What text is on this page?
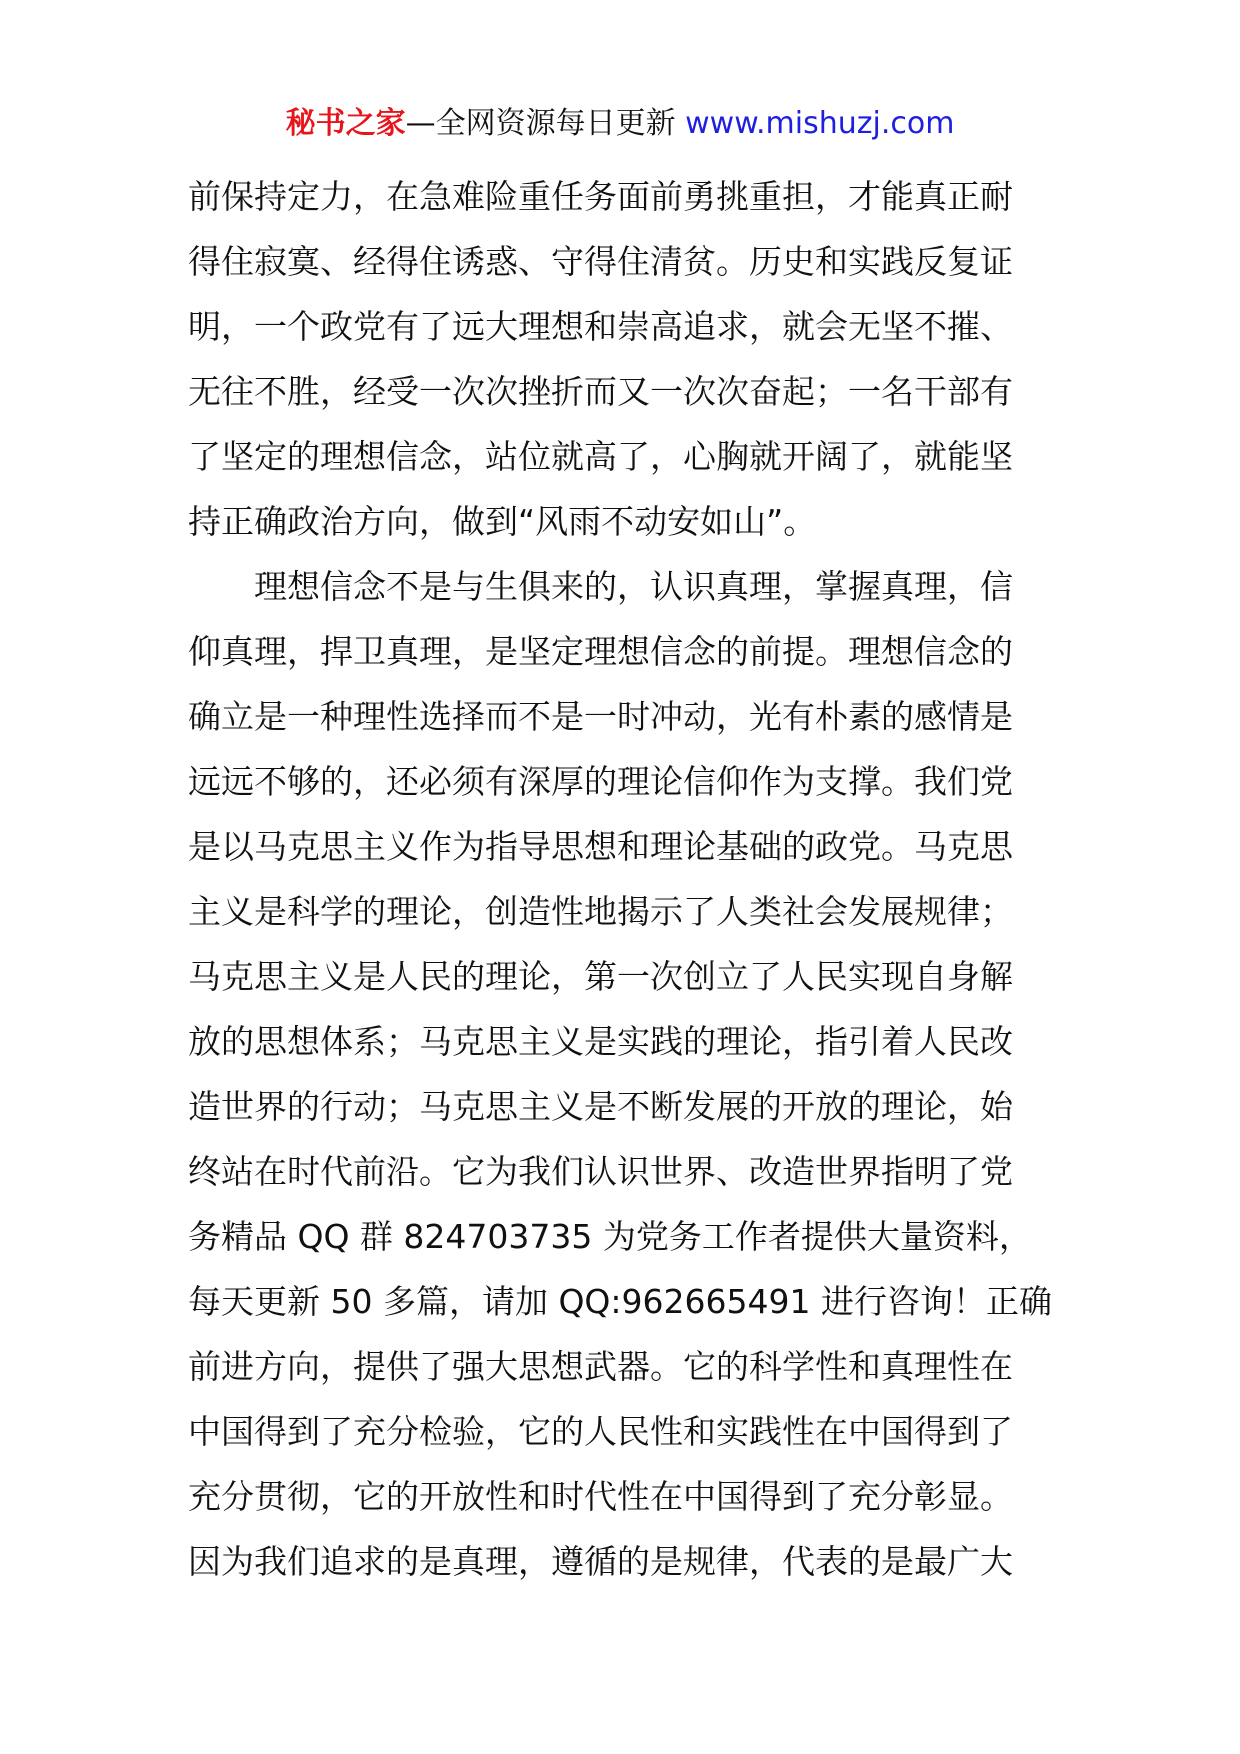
秘书之家—全网资源每日更新 www.mishuzj.com
前保持定力，在急难险重任务面前勇挑重担，才能真正耐
得住寂寞、经得住诱惑、守得住清贫。历史和实践反复证
明，一个政党有了远大理想和崇高追求，就会无坚不摧、
无往不胜，经受一次次挫折而又一次次奋起；一名干部有
了坚定的理想信念，站位就高了，心胸就开阔了，就能坚
持正确政治方向，做到“风雨不动安如山”。
　　理想信念不是与生俱来的，认识真理，掌握真理，信
仰真理，捍卫真理，是坚定理想信念的前提。理想信念的
确立是一种理性选择而不是一时冲动，光有朴素的感情是
远远不够的，还必须有深厚的理论信仰作为支撑。我们党
是以马克思主义作为指导思想和理论基础的政党。马克思
主义是科学的理论，创造性地揭示了人类社会发展规律；
马克思主义是人民的理论，第一次创立了人民实现自身解
放的思想体系；马克思主义是实践的理论，指引着人民改
造世界的行动；马克思主义是不断发展的开放的理论，始
终站在时代前沿。它为我们认识世界、改造世界指明了党
务精品 QQ 群 824703735 为党务工作者提供大量资料，
每天更新 50 多篇，请加 QQ:962665491 进行咨询！正确
前进方向，提供了强大思想武器。它的科学性和真理性在
中国得到了充分检验，它的人民性和实践性在中国得到了
充分贯彻，它的开放性和时代性在中国得到了充分彰显。
因为我们追求的是真理，遵循的是规律，代表的是最广大
